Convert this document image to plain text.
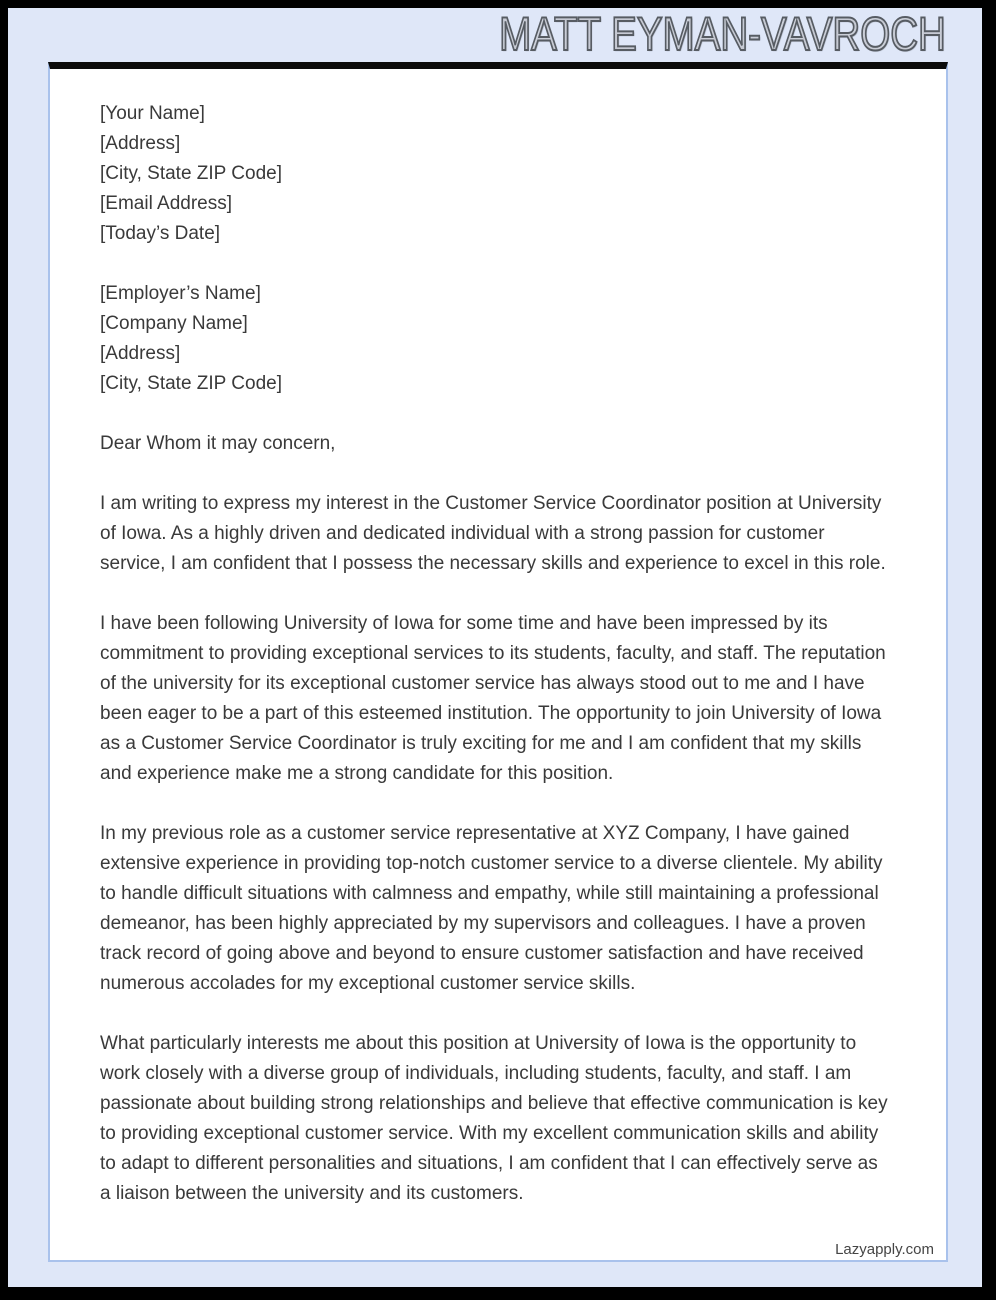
MATT EYMAN-VAVROCH

[Your Name]

[Address]

[City, State ZIP Code]

[Email Address]

[Today’s Date]

[Employer’s Name]

[Company Name]

[Address]

[City, State ZIP Code]

Dear Whom it may concern,

I am writing to express my interest in the Customer Service Coordinator position at University of Iowa. As a highly driven and dedicated individual with a strong passion for customer service, I am confident that I possess the necessary skills and experience to excel in this role.

I have been following University of Iowa for some time and have been impressed by its commitment to providing exceptional services to its students, faculty, and staff. The reputation of the university for its exceptional customer service has always stood out to me and I have been eager to be a part of this esteemed institution. The opportunity to join University of Iowa as a Customer Service Coordinator is truly exciting for me and I am confident that my skills and experience make me a strong candidate for this position.

In my previous role as a customer service representative at XYZ Company, I have gained extensive experience in providing top-notch customer service to a diverse clientele. My ability to handle difficult situations with calmness and empathy, while still maintaining a professional demeanor, has been highly appreciated by my supervisors and colleagues. I have a proven track record of going above and beyond to ensure customer satisfaction and have received numerous accolades for my exceptional customer service skills.

What particularly interests me about this position at University of Iowa is the opportunity to work closely with a diverse group of individuals, including students, faculty, and staff. I am passionate about building strong relationships and believe that effective communication is key to providing exceptional customer service. With my excellent communication skills and ability to adapt to different personalities and situations, I am confident that I can effectively serve as a liaison between the university and its customers.

Lazyapply.com
